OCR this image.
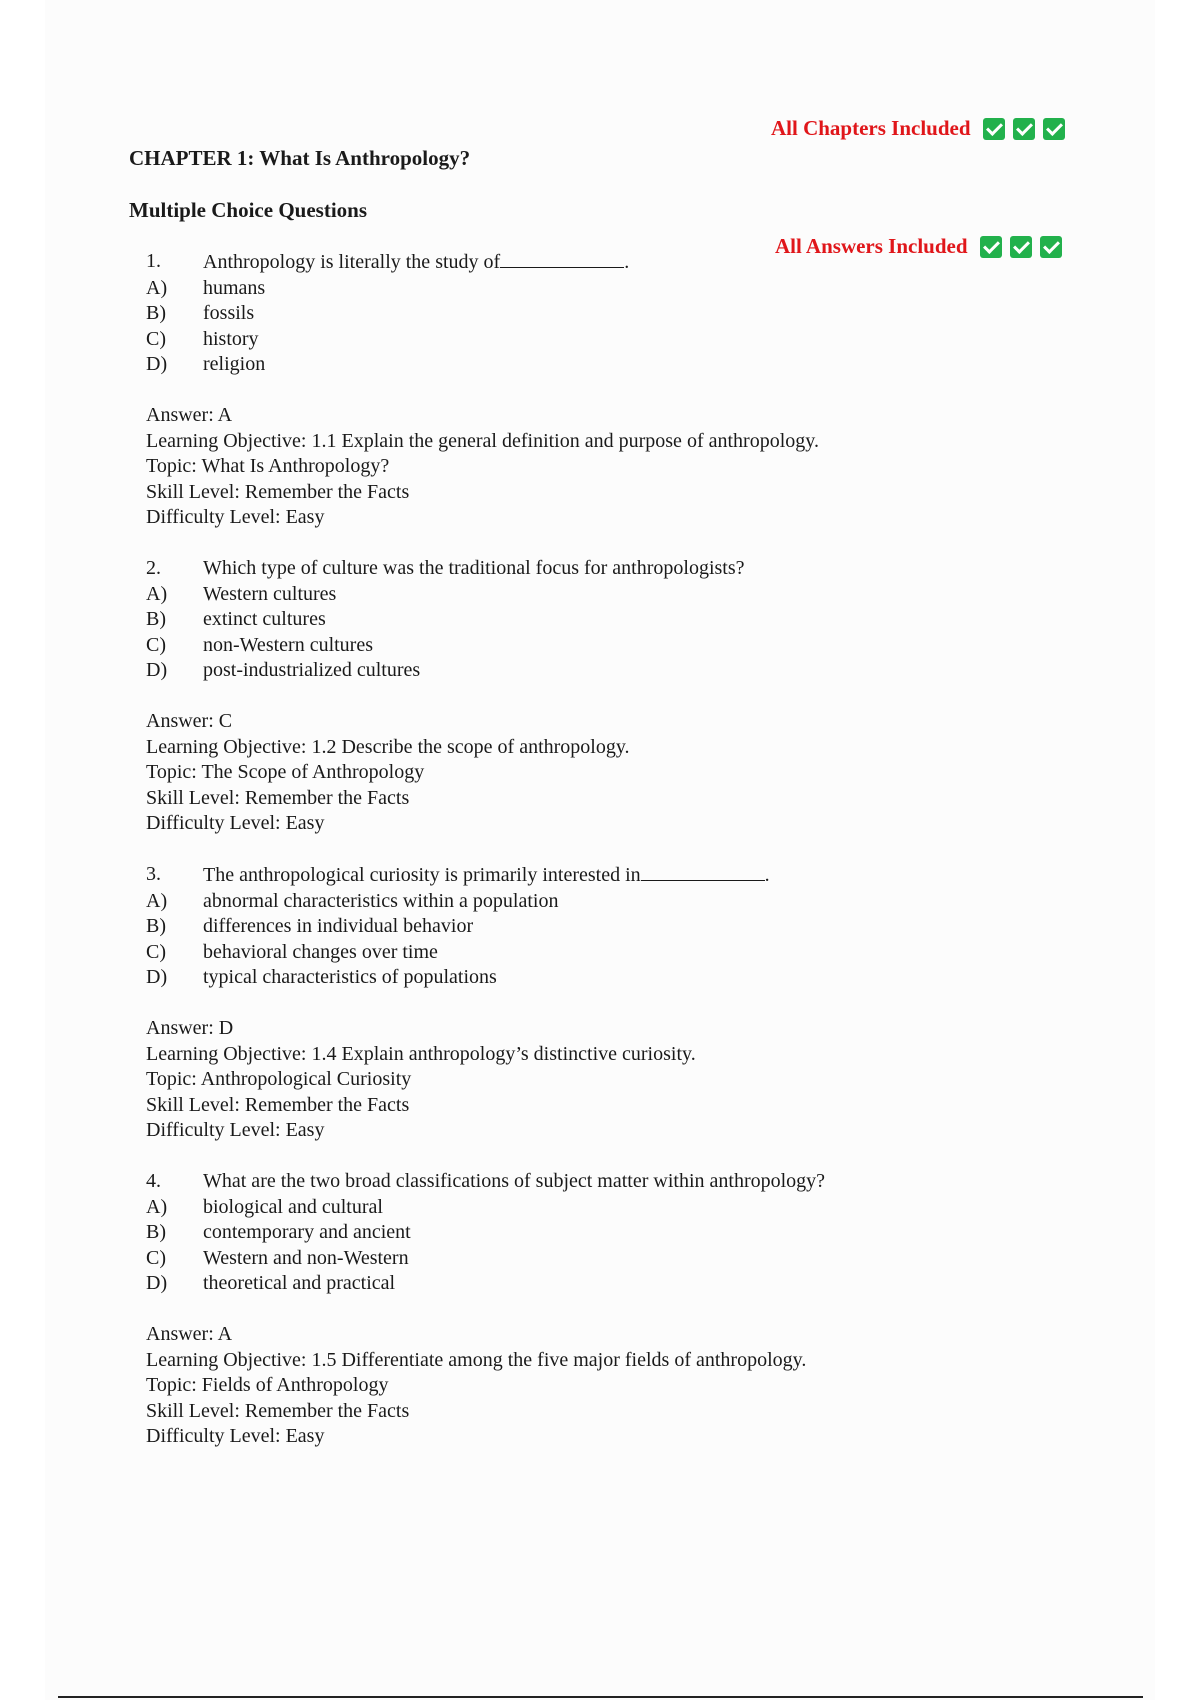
All Chapters Included
CHAPTER 1: What Is Anthropology?
Multiple Choice Questions
All Answers Included
1.	Anthropology is literally the study of	.
A)	humans
B)	fossils
C)	history
D)	religion
Answer: A
Learning Objective: 1.1 Explain the general definition and purpose of anthropology.
Topic: What Is Anthropology?
Skill Level: Remember the Facts
Difficulty Level: Easy
2.	Which type of culture was the traditional focus for anthropologists?
A)	Western cultures
B)	extinct cultures
C)	non-Western cultures
D)	post-industrialized cultures
Answer: C
Learning Objective: 1.2 Describe the scope of anthropology.
Topic: The Scope of Anthropology
Skill Level: Remember the Facts
Difficulty Level: Easy
3.	The anthropological curiosity is primarily interested in	.
A)	abnormal characteristics within a population
B)	differences in individual behavior
C)	behavioral changes over time
D)	typical characteristics of populations
Answer: D
Learning Objective: 1.4 Explain anthropology’s distinctive curiosity.
Topic: Anthropological Curiosity
Skill Level: Remember the Facts
Difficulty Level: Easy
4.	What are the two broad classifications of subject matter within anthropology?
A)	biological and cultural
B)	contemporary and ancient
C)	Western and non-Western
D)	theoretical and practical
Answer: A
Learning Objective: 1.5 Differentiate among the five major fields of anthropology.
Topic: Fields of Anthropology
Skill Level: Remember the Facts
Difficulty Level: Easy
